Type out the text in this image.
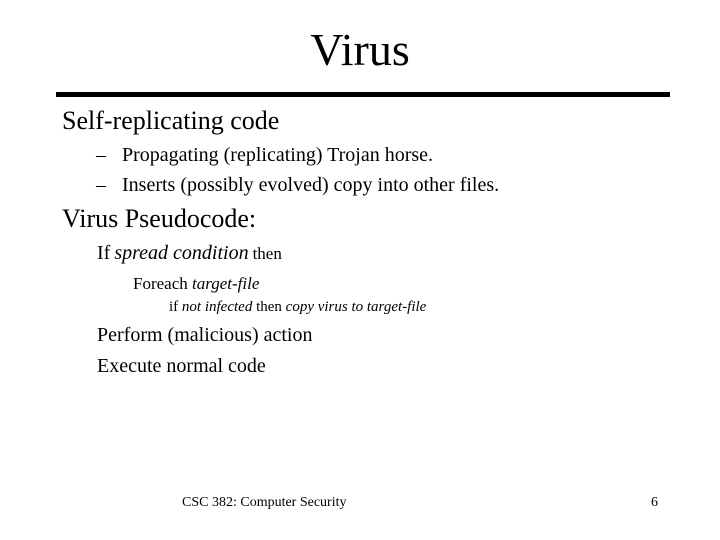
Virus
Self-replicating code
– Propagating (replicating) Trojan horse.
– Inserts (possibly evolved) copy into other files.
Virus Pseudocode:
If spread condition then
Foreach target-file
if not infected then copy virus to target-file
Perform (malicious) action
Execute normal code
CSC 382: Computer Security	6
